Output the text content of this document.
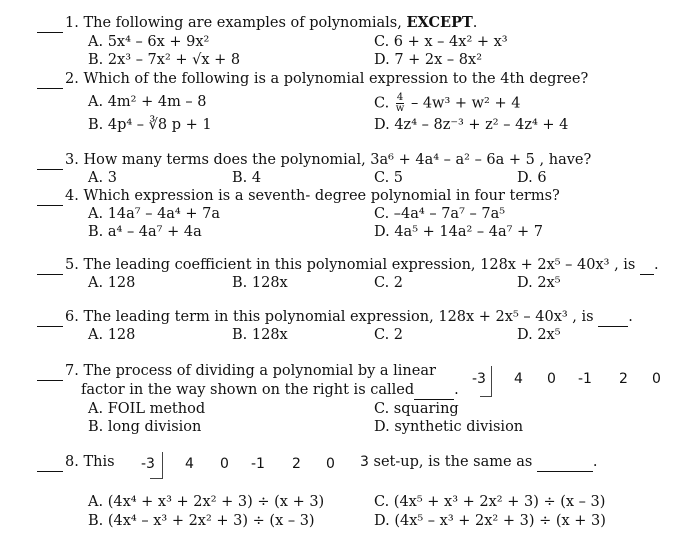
1. The following are examples of polynomials, EXCEPT.
A. 5x⁴ – 6x + 9x²	C. 6 + x – 4x² + x³
B. 2x³ – 7x² + √x + 8	D. 7 + 2x – 8x²
2. Which of the following is a polynomial expression to the 4th degree?
A. 4m² + 4m – 8	C. $\frac{4}{w} - 4w^3 + w^2 + 4$
B. 4p⁴ – ∛8 p + 1	D. 4z⁴ – 8z⁻³ + z² – 4z⁴ + 4
3. How many terms does the polynomial, 3a⁶ + 4a⁴ – a² – 6a + 5 , have?
A. 3	B. 4	C. 5	D. 6
4. Which expression is a seventh- degree polynomial in four terms?
A. 14a⁷ – 4a⁴ + 7a	C. –4a⁴ – 7a⁷ – 7a⁵
B. a⁴ – 4a⁷ + 4a	D. 4a⁵ + 14a² – 4a⁷ + 7
5. The leading coefficient in this polynomial expression, 128x + 2x⁵ – 40x³ , is .
A. 128	B. 128x	C. 2	D. 2x⁵
6. The leading term in this polynomial expression, 128x + 2x⁵ – 40x³ , is .
A. 128	B. 128x	C. 2	D. 2x⁵
7. The process of dividing a polynomial by a linear
factor in the way shown on the right is called	.
-3 4 0 -1 2 0
A. FOIL method	C. squaring
B. long division	D. synthetic division
8. This -3 4 0 -1 2 0 3 set-up, is the same as	.
A. (4x⁴ + x³ + 2x² + 3) ÷ (x + 3)	C. (4x⁵ + x³ + 2x² + 3) ÷ (x – 3)
B. (4x⁴ – x³ + 2x² + 3) ÷ (x – 3)	D. (4x⁵ – x³ + 2x² + 3) ÷ (x + 3)
